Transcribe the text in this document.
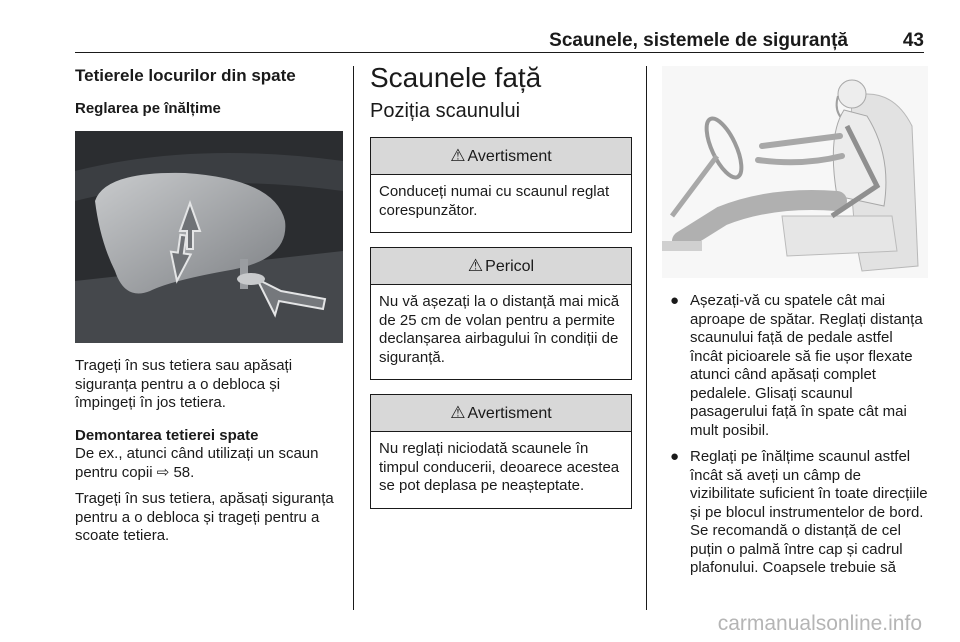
Scaunele, sistemele de siguranță	43
Tetierele locurilor din spate
Reglarea pe înălțime
Trageți în sus tetiera sau apăsați siguranța pentru a o debloca și împingeți în jos tetiera.
Demontarea tetierei spate
De ex., atunci când utilizați un scaun pentru copii ⇨ 58.
Trageți în sus tetiera, apăsați siguranța pentru a o debloca și trageți pentru a scoate tetiera.
Scaunele față
Poziția scaunului
⚠ Avertisment
Conduceți numai cu scaunul reglat corespunzător.
⚠ Pericol
Nu vă așezați la o distanță mai mică de 25 cm de volan pentru a permite declanșarea airbagului în condiții de siguranță.
⚠ Avertisment
Nu reglați niciodată scaunele în timpul conducerii, deoarece acestea se pot deplasa pe neașteptate.
● Așezați-vă cu spatele cât mai aproape de spătar. Reglați distanța scaunului față de pedale astfel încât picioarele să fie ușor flexate atunci când apăsați complet pedalele. Glisați scaunul pasagerului față în spate cât mai mult posibil.
● Reglați pe înălțime scaunul astfel încât să aveți un câmp de vizibilitate suficient în toate direcțiile și pe blocul instrumentelor de bord. Se recomandă o distanță de cel puțin o palmă între cap și cadrul plafonului. Coapsele trebuie să
carmanualsonline.info
